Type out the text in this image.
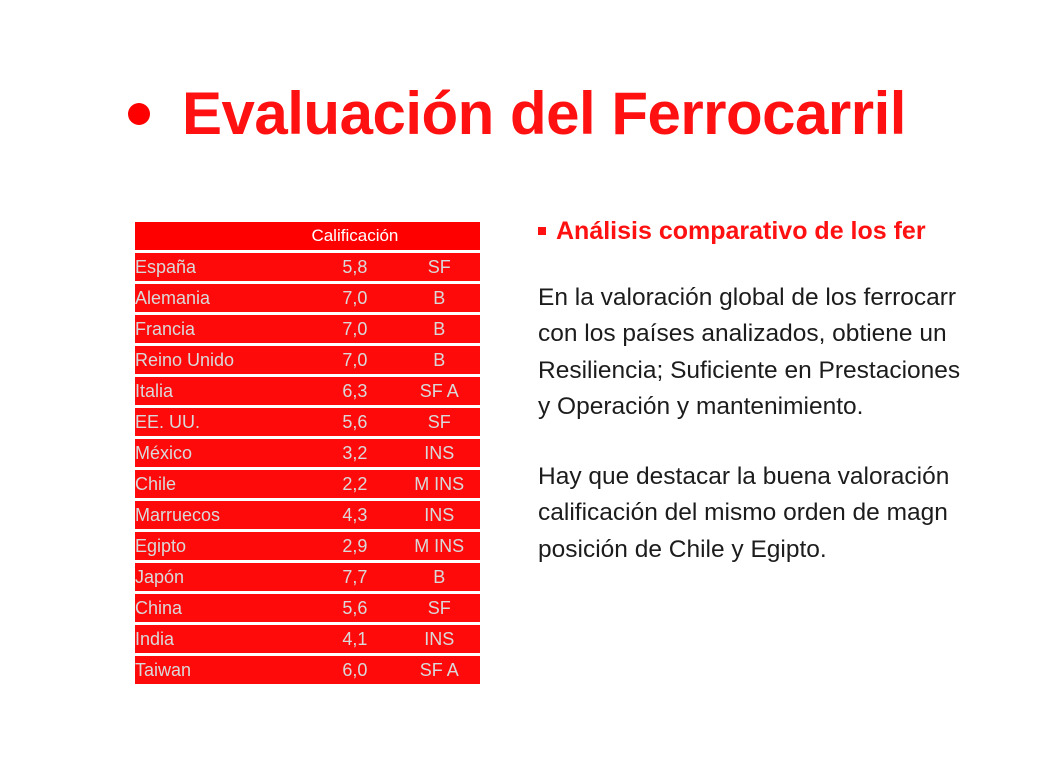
Evaluación del Ferrocarril
	Calificación	
España	5,8	SF
Alemania	7,0	B
Francia	7,0	B
Reino Unido	7,0	B
Italia	6,3	SF A
EE. UU.	5,6	SF
México	3,2	INS
Chile	2,2	M INS
Marruecos	4,3	INS
Egipto	2,9	M INS
Japón	7,7	B
China	5,6	SF
India	4,1	INS
Taiwan	6,0	SF A
Análisis comparativo de los fer
En la valoración global de los ferrocarr
con los países analizados, obtiene un
Resiliencia; Suficiente en Prestaciones
y Operación y mantenimiento.
Hay que destacar la buena valoración
calificación del mismo orden de magn
posición de Chile y Egipto.
